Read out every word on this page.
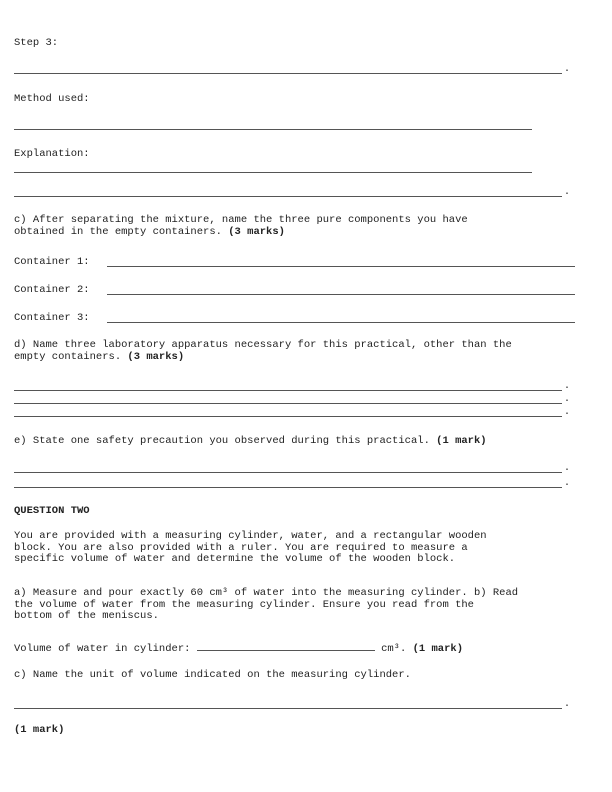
Step 3:
.
Method used:
Explanation:
.
c) After separating the mixture, name the three pure components you have
obtained in the empty containers. (3 marks)
Container 1:
Container 2:
Container 3:
d) Name three laboratory apparatus necessary for this practical, other than the
empty containers. (3 marks)
.
.
.
e) State one safety precaution you observed during this practical. (1 mark)
.
.
QUESTION TWO
You are provided with a measuring cylinder, water, and a rectangular wooden
block. You are also provided with a ruler. You are required to measure a
specific volume of water and determine the volume of the wooden block.
a) Measure and pour exactly 60 cm³ of water into the measuring cylinder. b) Read
the volume of water from the measuring cylinder. Ensure you read from the
bottom of the meniscus.
Volume of water in cylinder:	cm³. (1 mark)
c) Name the unit of volume indicated on the measuring cylinder.
.
(1 mark)
